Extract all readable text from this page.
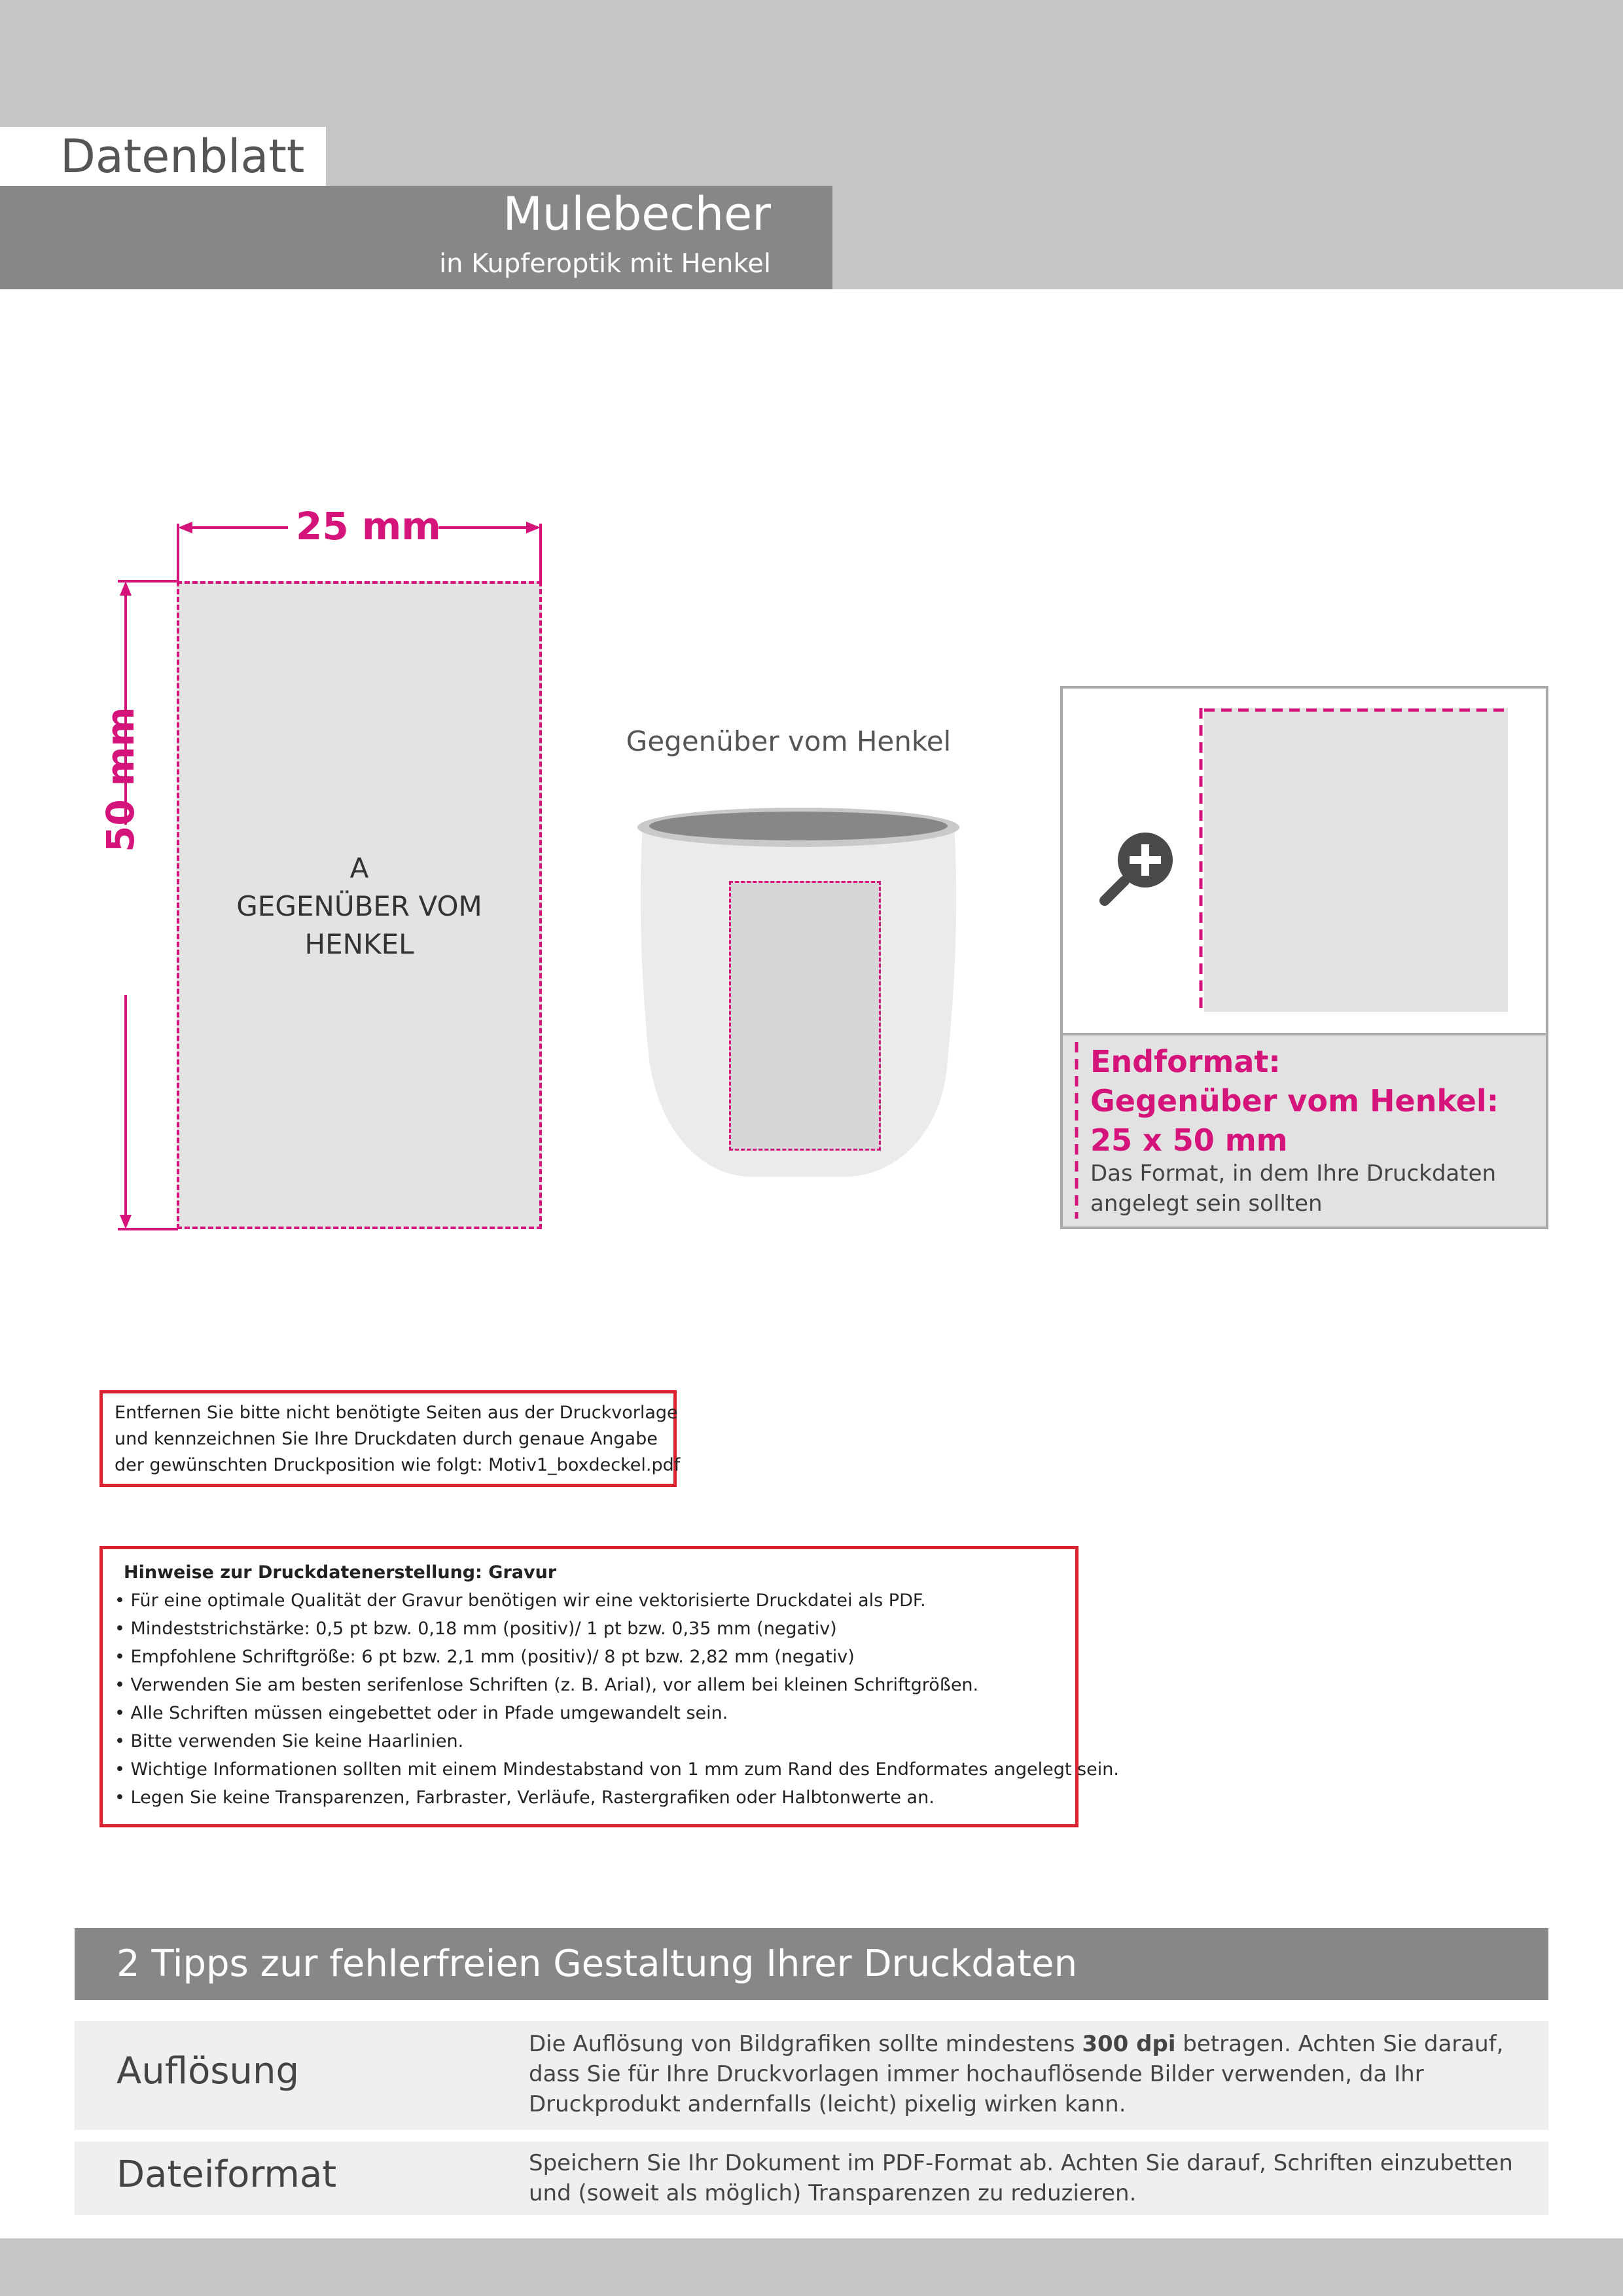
Datenblatt
Mulebecher
in Kupferoptik mit Henkel
A
GEGENÜBER VOM
HENKEL
25 mm
50 mm	Gegenüber vom Henkel
Endformat:
Gegenüber vom Henkel:
25 x 50 mm
Das Format, in dem Ihre Druckdaten angelegt sein sollten
Entfernen Sie bitte nicht benötigte Seiten aus der Druckvorlage
und kennzeichnen Sie Ihre Druckdaten durch genaue Angabe
der gewünschten Druckposition wie folgt: Motiv1_boxdeckel.pdf
Hinweise zur Druckdatenerstellung: Gravur
• Für eine optimale Qualität der Gravur benötigen wir eine vektorisierte Druckdatei als PDF.
• Mindeststrichstärke: 0,5 pt bzw. 0,18 mm (positiv)/ 1 pt bzw. 0,35 mm (negativ)
• Empfohlene Schriftgröße: 6 pt bzw. 2,1 mm (positiv)/ 8 pt bzw. 2,82 mm (negativ)
• Verwenden Sie am besten serifenlose Schriften (z. B. Arial), vor allem bei kleinen Schriftgrößen.
• Alle Schriften müssen eingebettet oder in Pfade umgewandelt sein.
• Bitte verwenden Sie keine Haarlinien.
• Wichtige Informationen sollten mit einem Mindestabstand von 1 mm zum Rand des Endformates angelegt sein.
• Legen Sie keine Transparenzen, Farbraster, Verläufe, Rastergrafiken oder Halbtonwerte an.
2 Tipps zur fehlerfreien Gestaltung Ihrer Druckdaten
Auflösung
Die Auflösung von Bildgrafiken sollte mindestens 300 dpi betragen. Achten Sie darauf, dass Sie für Ihre Druckvorlagen immer hochauflösende Bilder verwenden, da Ihr Druckprodukt andernfalls (leicht) pixelig wirken kann.
Dateiformat	Speichern Sie Ihr Dokument im PDF-Format ab. Achten Sie darauf, Schriften einzubetten und (soweit als möglich) Transparenzen zu reduzieren.
